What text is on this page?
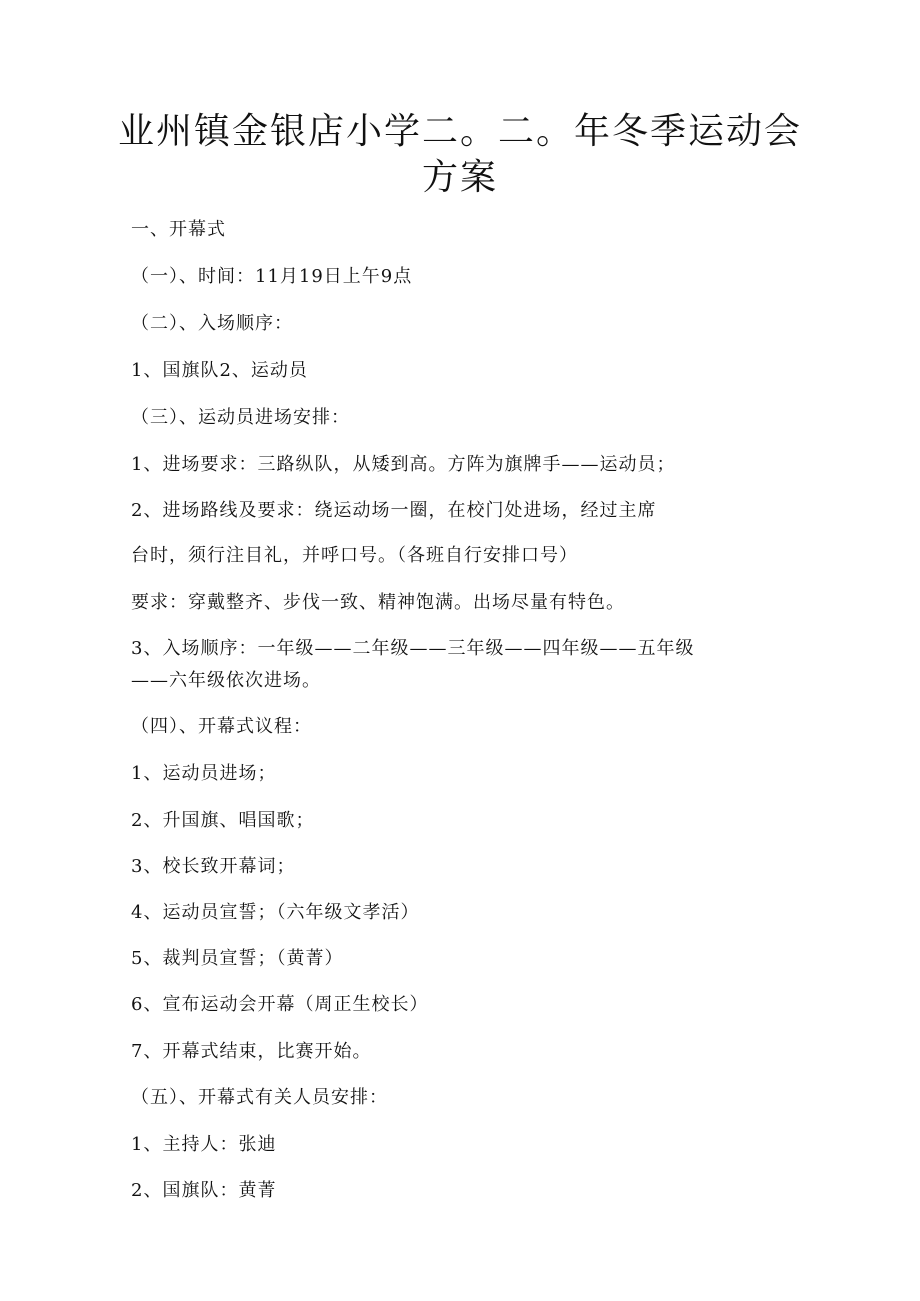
业州镇金银店小学二。二。年冬季运动会
方案
一、开幕式
（一）、时间：11月19日上午9点
（二）、入场顺序：
1、国旗队2、运动员
（三）、运动员进场安排：
1、进场要求：三路纵队，从矮到高。方阵为旗牌手——运动员；
2、进场路线及要求：绕运动场一圈，在校门处进场，经过主席
台时，须行注目礼，并呼口号。（各班自行安排口号）
要求：穿戴整齐、步伐一致、精神饱满。出场尽量有特色。
3、入场顺序：一年级——二年级——三年级——四年级——五年级
——六年级依次进场。
（四）、开幕式议程：
1、运动员进场；
2、升国旗、唱国歌；
3、校长致开幕词；
4、运动员宣誓；（六年级文孝活）
5、裁判员宣誓；（黄菁）
6、宣布运动会开幕（周正生校长）
7、开幕式结束，比赛开始。
（五）、开幕式有关人员安排：
1、主持人：张迪
2、国旗队：黄菁
